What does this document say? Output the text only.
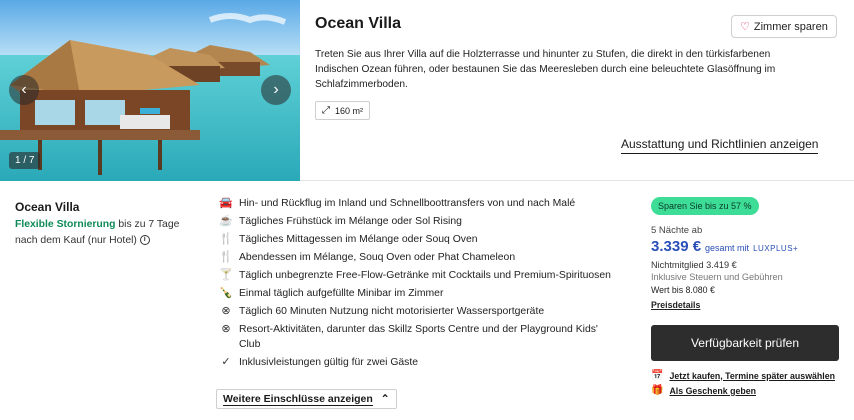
‹	›
1 / 7
Ocean Villa	♡ Zimmer sparen
Treten Sie aus Ihrer Villa auf die Holzterrasse und hinunter zu Stufen, die direkt in den türkisfarbenen Indischen Ozean führen, oder bestaunen Sie das Meeresleben durch eine beleuchtete Glasöffnung im Schlafzimmerboden.
⤢ 160 m²
Ausstattung und Richtlinien anzeigen
Ocean Villa
Flexible Stornierung bis zu 7 Tage nach dem Kauf (nur Hotel) i
🚘 Hin- und Rückflug im Inland und Schnellboottransfers von und nach Malé
☕ Tägliches Frühstück im Mélange oder Sol Rising
🍴 Tägliches Mittagessen im Mélange oder Souq Oven
🍴 Abendessen im Mélange, Souq Oven oder Phat Chameleon
🍸 Täglich unbegrenzte Free-Flow-Getränke mit Cocktails und Premium-Spirituosen
🍾 Einmal täglich aufgefüllte Minibar im Zimmer
⊗ Täglich 60 Minuten Nutzung nicht motorisierter Wassersportgeräte
⊗ Resort-Aktivitäten, darunter das Skillz Sports Centre und der Playground Kids' Club
✓ Inklusivleistungen gültig für zwei Gäste
Weitere Einschlüsse anzeigen ⌃
Sparen Sie bis zu 57 %
5 Nächte ab
3.339 € gesamt mit LUXPLUS+
Nichtmitglied 3.419 €
Inklusive Steuern und Gebühren
Wert bis 8.080 €
Preisdetails
Verfügbarkeit prüfen
📅 Jetzt kaufen, Termine später auswählen
🎁 Als Geschenk geben
